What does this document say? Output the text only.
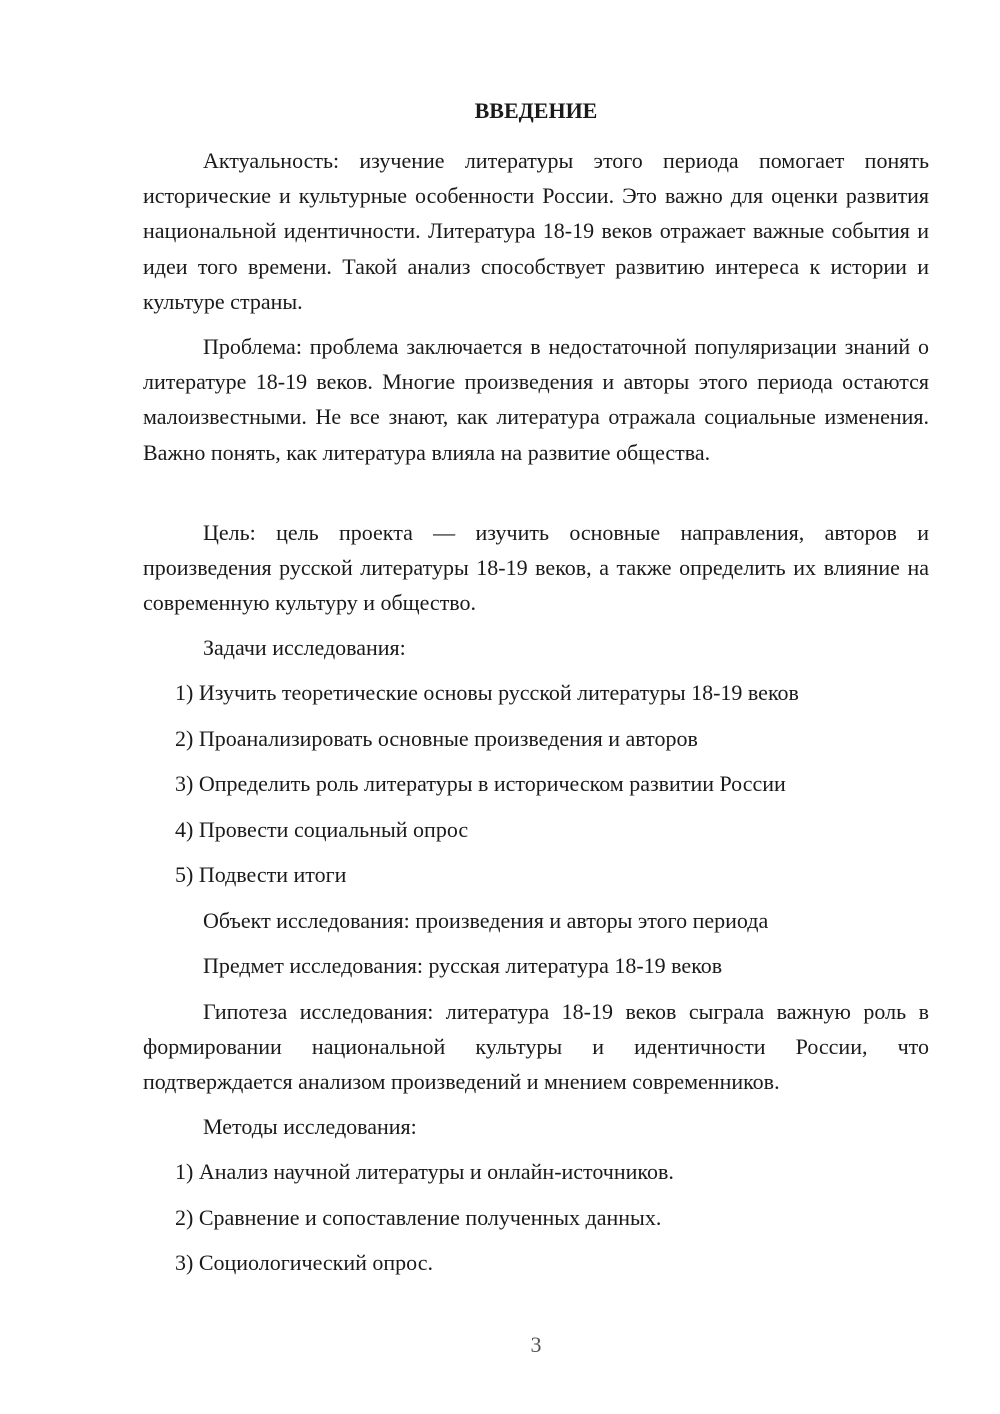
ВВЕДЕНИЕ

Актуальность: изучение литературы этого периода помогает понять исторические и культурные особенности России. Это важно для оценки развития национальной идентичности. Литература 18-19 веков отражает важные события и идеи того времени. Такой анализ способствует развитию интереса к истории и культуре страны.

Проблема: проблема заключается в недостаточной популяризации знаний о литературе 18-19 веков. Многие произведения и авторы этого периода остаются малоизвестными. Не все знают, как литература отражала социальные изменения. Важно понять, как литература влияла на развитие общества.

Цель: цель проекта — изучить основные направления, авторов и произведения русской литературы 18-19 веков, а также определить их влияние на современную культуру и общество.

Задачи исследования:
1) Изучить теоретические основы русской литературы 18-19 веков
2) Проанализировать основные произведения и авторов
3) Определить роль литературы в историческом развитии России
4) Провести социальный опрос
5) Подвести итоги
Объект исследования: произведения и авторы этого периода
Предмет исследования: русская литература 18-19 веков

Гипотеза исследования: литература 18-19 веков сыграла важную роль в формировании национальной культуры и идентичности России, что подтверждается анализом произведений и мнением современников.

Методы исследования:
1) Анализ научной литературы и онлайн-источников.
2) Сравнение и сопоставление полученных данных.
3) Социологический опрос.
3
